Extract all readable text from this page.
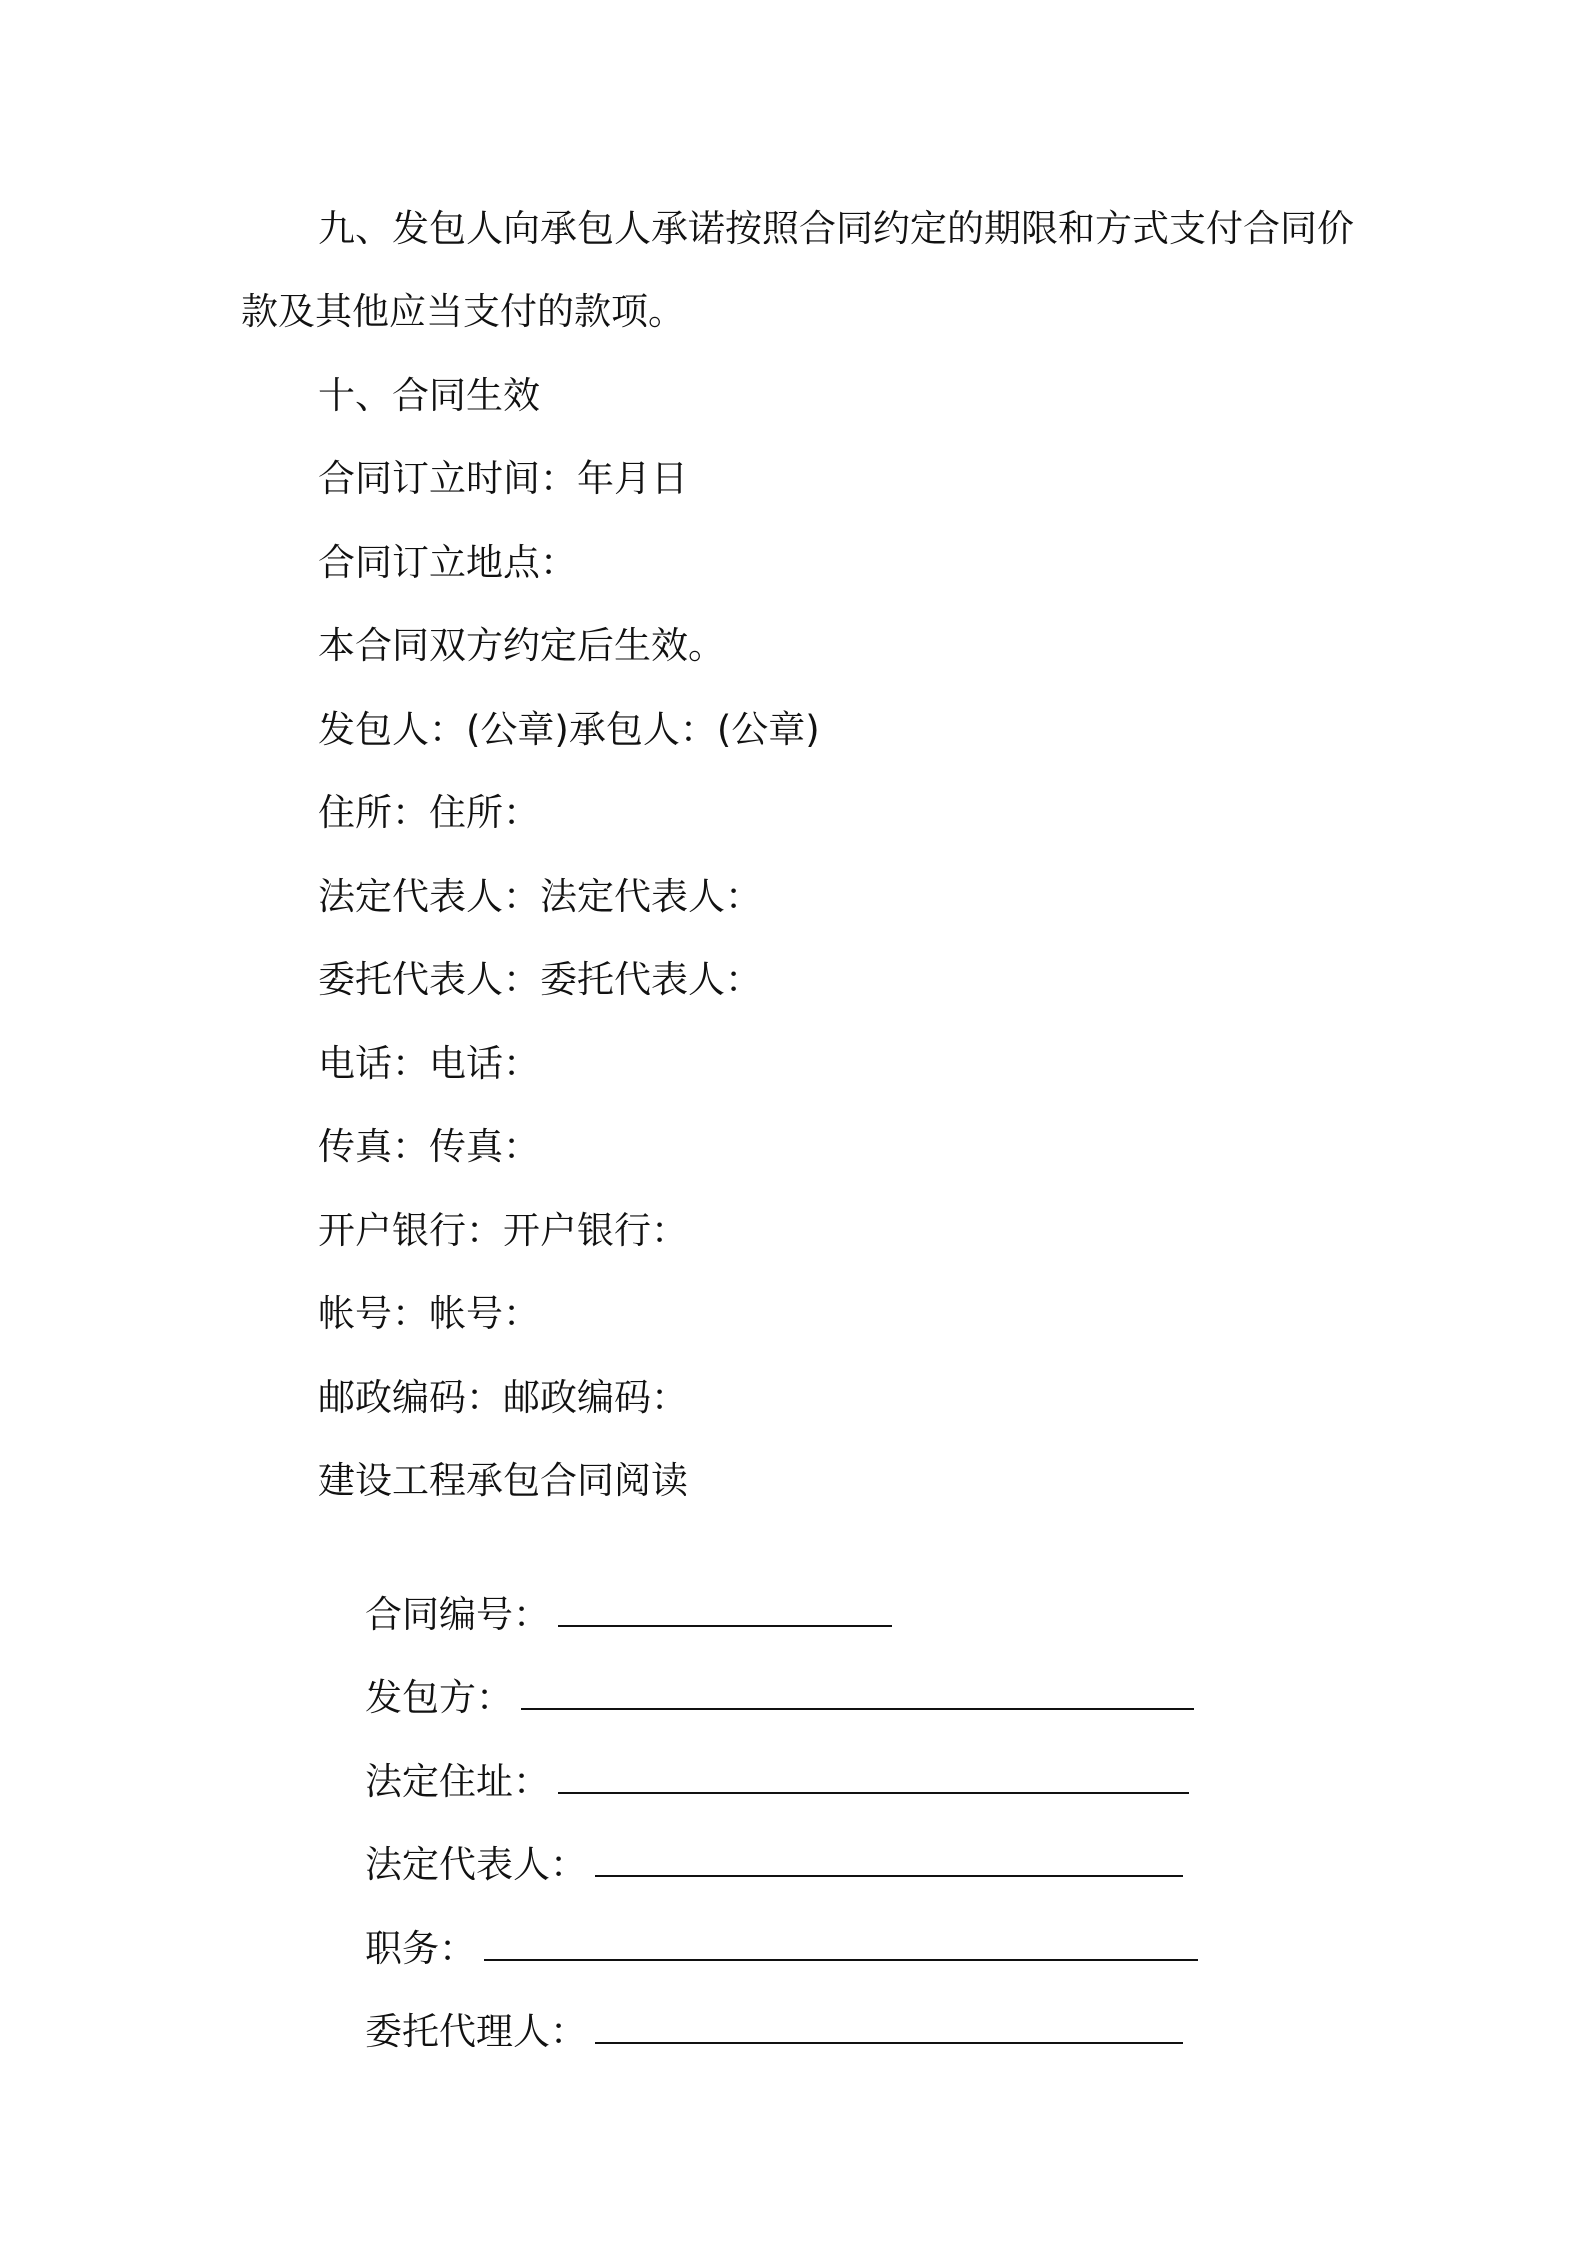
九、发包人向承包人承诺按照合同约定的期限和方式支付合同价
款及其他应当支付的款项。
十、合同生效
合同订立时间：年月日
合同订立地点：
本合同双方约定后生效。
发包人：(公章)承包人：(公章)
住所：住所：
法定代表人：法定代表人：
委托代表人：委托代表人：
电话：电话：
传真：传真：
开户银行：开户银行：
帐号：帐号：
邮政编码：邮政编码：
建设工程承包合同阅读

合同编号：

发包方：

法定住址：

法定代表人：

职务：

委托代理人：
